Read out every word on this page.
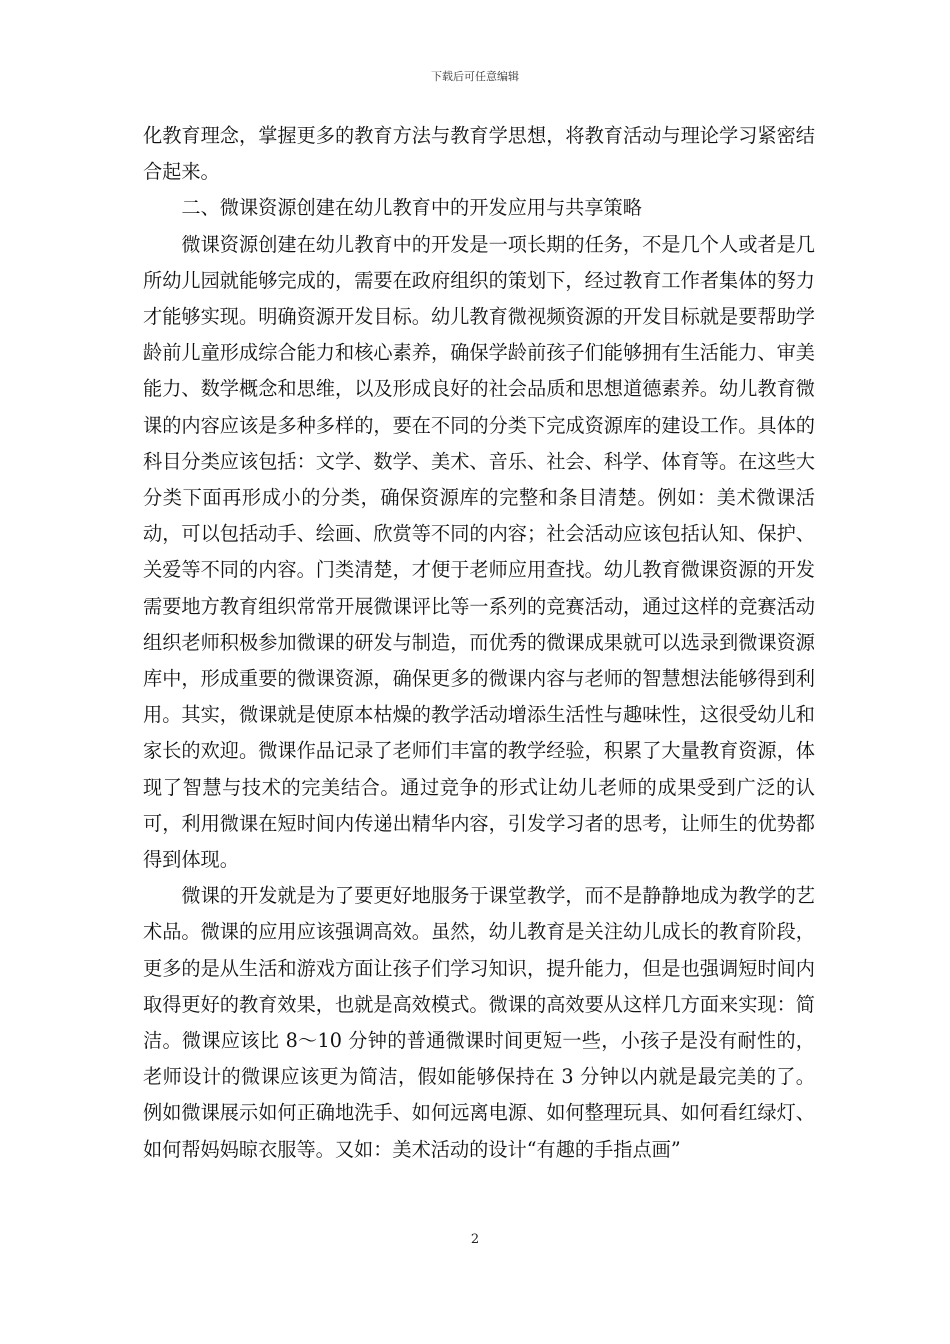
下载后可任意编辑

化教育理念，掌握更多的教育方法与教育学思想，将教育活动与理论学习紧密结合起来。

二、微课资源创建在幼儿教育中的开发应用与共享策略

微课资源创建在幼儿教育中的开发是一项长期的任务，不是几个人或者是几所幼儿园就能够完成的，需要在政府组织的策划下，经过教育工作者集体的努力才能够实现。明确资源开发目标。幼儿教育微视频资源的开发目标就是要帮助学龄前儿童形成综合能力和核心素养，确保学龄前孩子们能够拥有生活能力、审美能力、数学概念和思维，以及形成良好的社会品质和思想道德素养。幼儿教育微课的内容应该是多种多样的，要在不同的分类下完成资源库的建设工作。具体的科目分类应该包括：文学、数学、美术、音乐、社会、科学、体育等。在这些大分类下面再形成小的分类，确保资源库的完整和条目清楚。例如：美术微课活动，可以包括动手、绘画、欣赏等不同的内容；社会活动应该包括认知、保护、关爱等不同的内容。门类清楚，才便于老师应用查找。幼儿教育微课资源的开发需要地方教育组织常常开展微课评比等一系列的竞赛活动，通过这样的竞赛活动组织老师积极参加微课的研发与制造，而优秀的微课成果就可以选录到微课资源库中，形成重要的微课资源，确保更多的微课内容与老师的智慧想法能够得到利用。其实，微课就是使原本枯燥的教学活动增添生活性与趣味性，这很受幼儿和家长的欢迎。微课作品记录了老师们丰富的教学经验，积累了大量教育资源，体现了智慧与技术的完美结合。通过竞争的形式让幼儿老师的成果受到广泛的认可，利用微课在短时间内传递出精华内容，引发学习者的思考，让师生的优势都得到体现。

微课的开发就是为了要更好地服务于课堂教学，而不是静静地成为教学的艺术品。微课的应用应该强调高效。虽然，幼儿教育是关注幼儿成长的教育阶段，更多的是从生活和游戏方面让孩子们学习知识，提升能力，但是也强调短时间内取得更好的教育效果，也就是高效模式。微课的高效要从这样几方面来实现：简洁。微课应该比 8～10 分钟的普通微课时间更短一些，小孩子是没有耐性的，老师设计的微课应该更为简洁，假如能够保持在 3 分钟以内就是最完美的了。例如微课展示如何正确地洗手、如何远离电源、如何整理玩具、如何看红绿灯、如何帮妈妈晾衣服等。又如：美术活动的设计“有趣的手指点画”

2
